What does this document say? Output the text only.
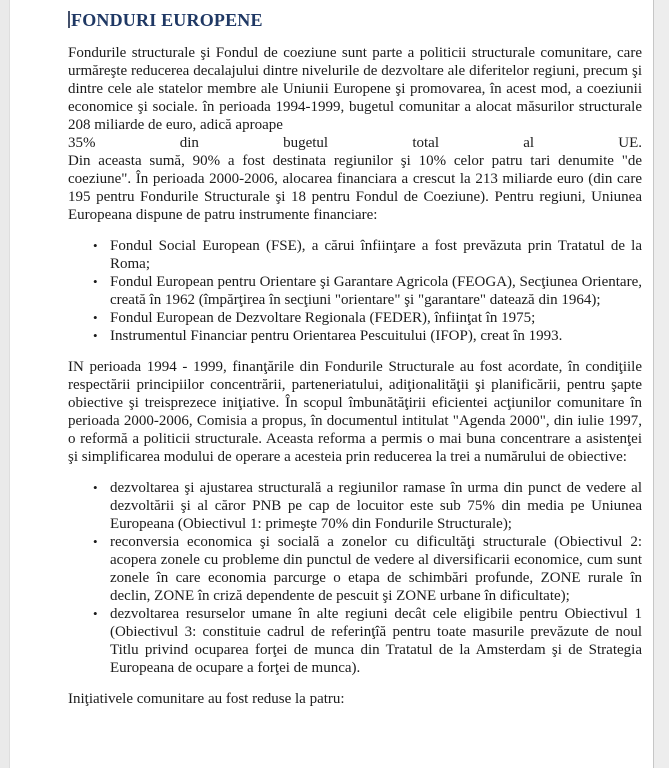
FONDURI EUROPENE

Fondurile structurale şi Fondul de coeziune sunt parte a politicii structurale comunitare, care urmăreşte reducerea decalajului dintre nivelurile de dezvoltare ale diferitelor regiuni, precum şi dintre cele ale statelor membre ale Uniunii Europene şi promovarea, în acest mod, a coeziunii economice şi sociale. în perioada 1994-1999, bugetul comunitar a alocat măsurilor structurale 208 miliarde de euro, adică aproape

35% din bugetul total al UE.

Din aceasta sumă, 90% a fost destinata regiunilor şi 10% celor patru tari denumite "de coeziune". În perioada 2000-2006, alocarea financiara a crescut la 213 miliarde euro (din care 195 pentru Fondurile Structurale şi 18 pentru Fondul de Coeziune). Pentru regiuni, Uniunea Europeana dispune de patru instrumente financiare:

• Fondul Social European (FSE), a cărui înfiinţare a fost prevăzuta prin Tratatul de la Roma;
• Fondul European pentru Orientare şi Garantare Agricola (FEOGA), Secţiunea Orientare, creată în 1962 (împărţirea în secţiuni "orientare" şi "garantare" datează din 1964);
• Fondul European de Dezvoltare Regionala (FEDER), înfiinţat în 1975;
• Instrumentul Financiar pentru Orientarea Pescuitului (IFOP), creat în 1993.

IN perioada 1994 - 1999, finanţările din Fondurile Structurale au fost acordate, în condiţiile respectării principiilor concentrării, parteneriatului, adiţionalităţii şi planificării, pentru şapte obiective şi treisprezece iniţiative. În scopul îmbunătăţirii eficientei acţiunilor comunitare în perioada 2000-2006, Comisia a propus, în documentul intitulat "Agenda 2000", din iulie 1997, o reformă a politicii structurale. Aceasta reforma a permis o mai buna concentrare a asistenţei şi simplificarea modului de operare a acesteia prin reducerea la trei a numărului de obiective:

• dezvoltarea şi ajustarea structurală a regiunilor ramase în urma din punct de vedere al dezvoltării şi al căror PNB pe cap de locuitor este sub 75% din media pe Uniunea Europeana (Obiectivul 1: primeşte 70% din Fondurile Structurale);
• reconversia economica şi socială a zonelor cu dificultăţi structurale (Obiectivul 2: acopera zonele cu probleme din punctul de vedere al diversificarii economice, cum sunt zonele în care economia parcurge o etapa de schimbări profunde, ZONE rurale în declin, ZONE în criză dependente de pescuit şi ZONE urbane în dificultate);
• dezvoltarea resurselor umane în alte regiuni decât cele eligibile pentru Obiectivul 1 (Obiectivul 3: constituie cadrul de referinţîă pentru toate masurile prevăzute de noul Titlu privind ocuparea forţei de munca din Tratatul de la Amsterdam şi de Strategia Europeana de ocupare a forţei de munca).

Iniţiativele comunitare au fost reduse la patru:
